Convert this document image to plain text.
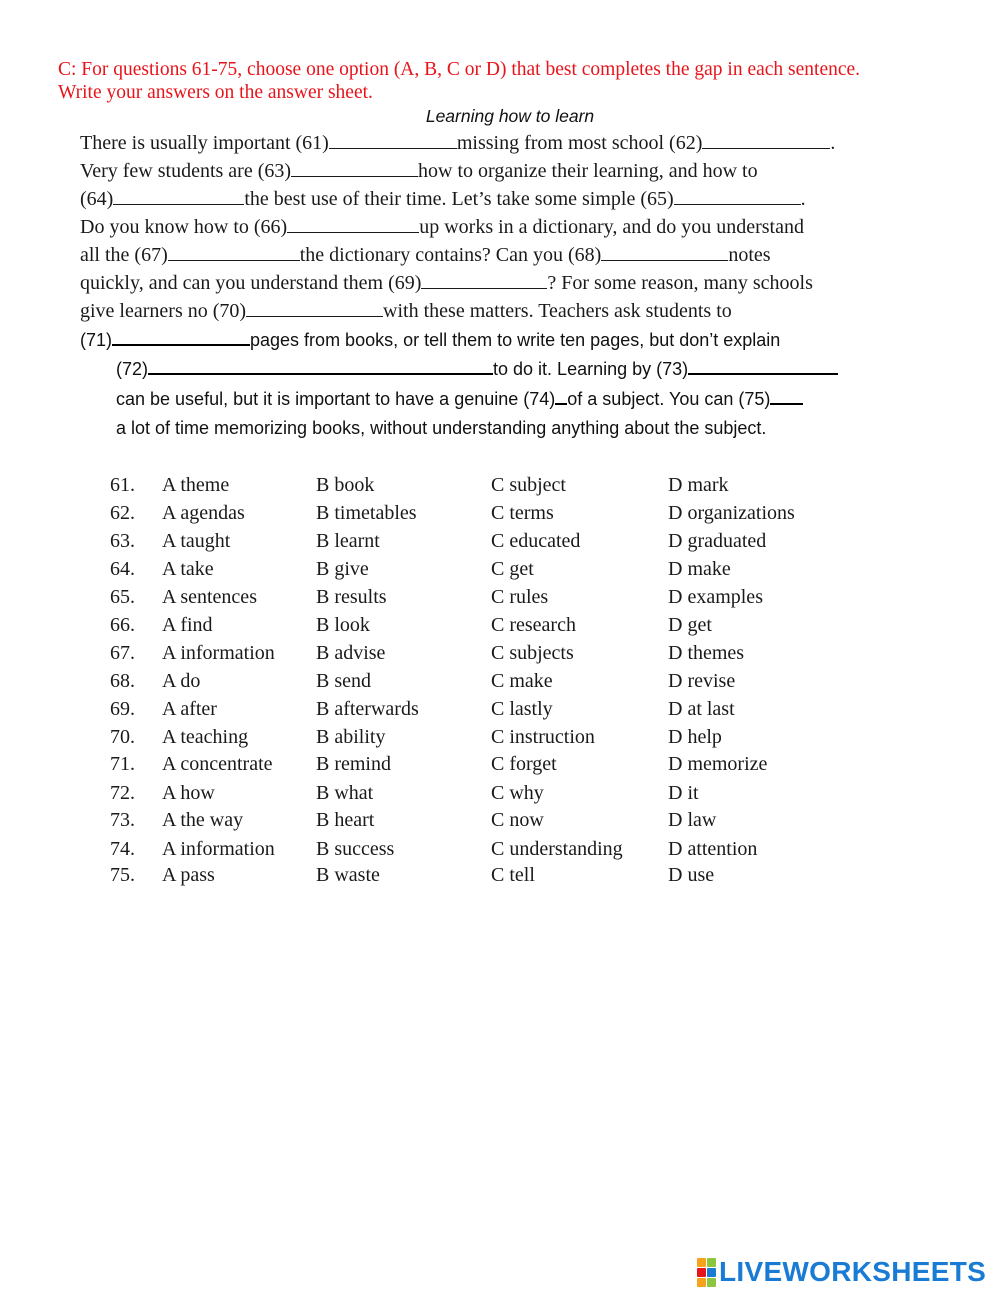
C: For questions 61-75, choose one option (A, B, C or D) that best completes the gap in each sentence.
Write your answers on the answer sheet.
Learning how to learn
There is usually important (61)	missing from most school (62)	.
Very few students are (63)	how to organize their learning, and how to
(64)	the best use of their time. Let’s take some simple (65)	.
Do you know how to (66)	up works in a dictionary, and do you understand
all the (67)	the dictionary contains? Can you (68)	notes
quickly, and can you understand them (69)	? For some reason, many schools
give learners no (70)	with these matters. Teachers ask students to
(71)	pages from books, or tell them to write ten pages, but don’t explain
(72)	to do it. Learning by (73)
can be useful, but it is important to have a genuine (74) of a subject. You can (75)
a lot of time memorizing books, without understanding anything about the subject.
61. A theme	B book	C subject	D mark
62. A agendas	B timetables	C terms	D organizations
63. A taught	B learnt	C educated	D graduated
64. A take	B give	C get	D make
65. A sentences	B results	C rules	D examples
66. A find	B look	C research	D get
67. A information B advise	C subjects	D themes
68. A do	B send	C make	D revise
69. A after	B afterwards	C lastly	D at last
70. A teaching	B ability	C instruction	D help
71. A concentrate B remind	C forget	D memorize
72. A how	B what	C why	D it
73. A the way	B heart	C now	D law
74. A information B success	C understanding D attention
75. A pass	B waste	C tell	D use
LIVEWORKSHEETS
